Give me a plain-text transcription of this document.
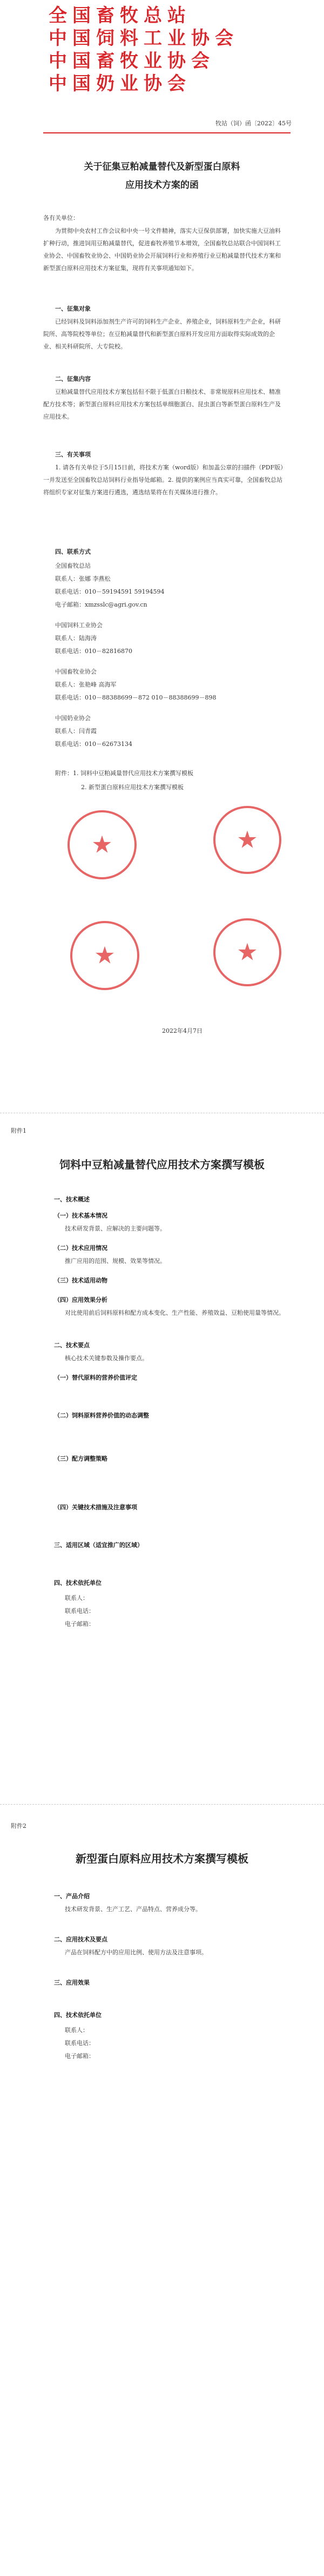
全国畜牧总站
中国饲料工业协会
中国畜牧业协会
中国奶业协会
牧站（饲）函〔2022〕45号
关于征集豆粕减量替代及新型蛋白原料
应用技术方案的函
各有关单位：
为贯彻中央农村工作会议和中央一号文件精神，落实大豆保供部署，加快实施大豆油料扩种行动，推进饲用豆粕减量替代，促进畜牧养殖节本增效，全国畜牧总站联合中国饲料工业协会、中国畜牧业协会、中国奶业协会开展饲料行业和养殖行业豆粕减量替代技术方案和新型蛋白原料应用技术方案征集，现将有关事项通知如下。
一、征集对象
已经饲料及饲料添加剂生产许可的饲料生产企业、养殖企业，饲料原料生产企业，科研院所、高等院校等单位；在豆粕减量替代和新型蛋白原料开发应用方面取得实际成效的企业、相关科研院所、大专院校。
二、征集内容
豆粕减量替代应用技术方案包括但不限于低蛋白日粮技术、非常规原料应用技术、精准配方技术等；新型蛋白原料应用技术方案包括单细胞蛋白、昆虫蛋白等新型蛋白原料生产及应用技术。
三、有关事项
1. 请各有关单位于5月15日前，将技术方案（word版）和加盖公章的扫描件（PDF版）一并发送至全国畜牧总站饲料行业指导处邮箱。2. 提供的案例应当真实可靠，全国畜牧总站将组织专家对征集方案进行遴选，遴选结果将在有关媒体进行推介。
四、联系方式
全国畜牧总站
联系人：张娜 李燕松
联系电话：010－59194591 59194594
电子邮箱：xmzsslc@agri.gov.cn
中国饲料工业协会
联系人：陆海涛
联系电话：010－82816870
中国畜牧业协会
联系人：张艳峰 高海军
联系电话：010－88388699－872 010－88388699－898
中国奶业协会
联系人：闫青霞
联系电话：010－62673134
附件：1. 饲料中豆粕减量替代应用技术方案撰写模板
2. 新型蛋白原料应用技术方案撰写模板
★	★
★	★
2022年4月7日
附件1
饲料中豆粕减量替代应用技术方案撰写模板
一、技术概述
（一）技术基本情况
技术研发背景、应解决的主要问题等。
（二）技术应用情况
推广应用的范围、规模、效果等情况。
（三）技术适用动物
（四）应用效果分析
对比使用前后饲料原料和配方成本变化、生产性能、养殖效益、豆粕使用量等情况。
二、技术要点
核心技术关键参数及操作要点。
（一）替代原料的营养价值评定
（二）饲料原料营养价值的动态调整
（三）配方调整策略
（四）关键技术措施及注意事项
三、适用区域（适宜推广的区域）
四、技术依托单位
联系人：
联系电话：
电子邮箱：
附件2
新型蛋白原料应用技术方案撰写模板
一、产品介绍
技术研发背景、生产工艺、产品特点、营养成分等。
二、应用技术及要点
产品在饲料配方中的应用比例、使用方法及注意事项。
三、应用效果
四、技术依托单位
联系人：
联系电话：
电子邮箱：
